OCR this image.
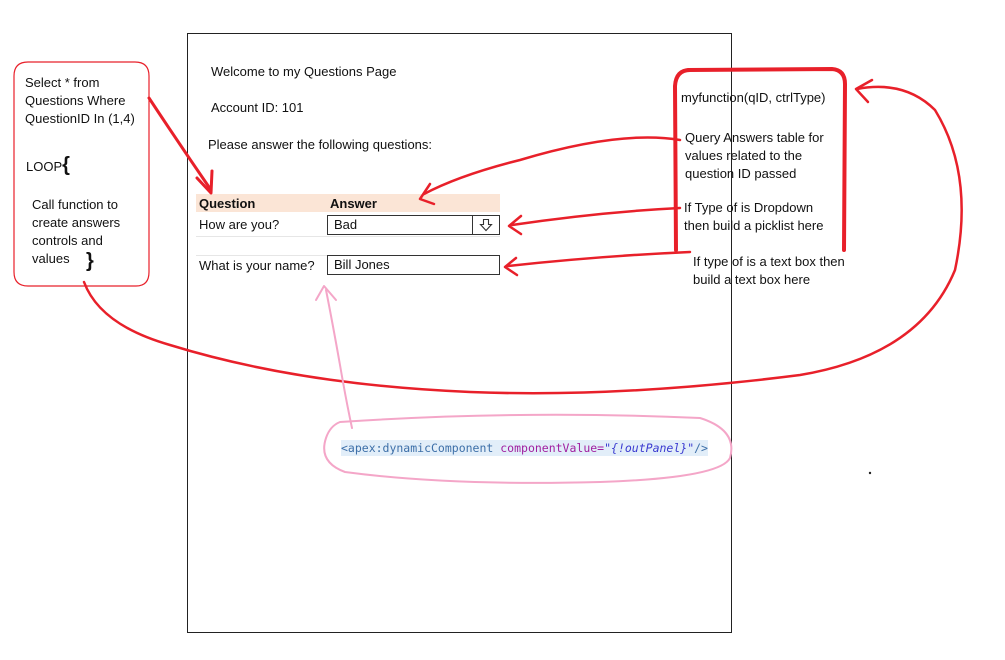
Welcome to my Questions Page
Account ID: 101
Please answer the following questions:
Question	Answer
How are you?	Bad
What is your name?	Bill Jones
Select * from Questions Where QuestionID In (1,4)
LOOP{
Call function to create answers controls and values }
myfunction(qID, ctrlType)
Query Answers table for values related to the question ID passed
If Type of is Dropdown then build a picklist here
If type of is a text box then build a text box here
<apex:dynamicComponent componentValue="{!outPanel}"/>
